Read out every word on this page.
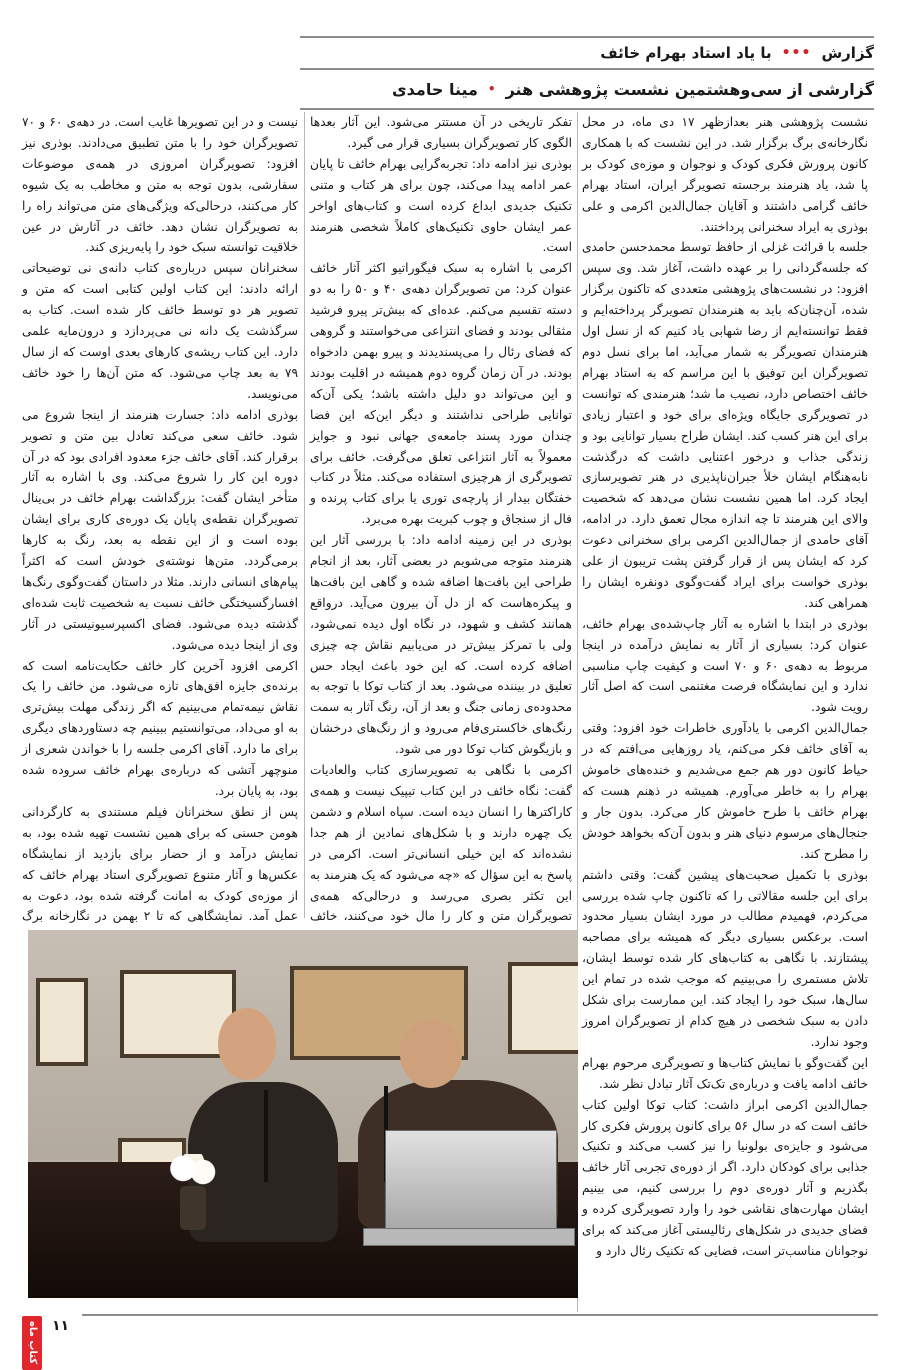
گزارش
•••
با یاد استاد بهرام خائف
گزارشی از سی‌وهشتمین نشست پژوهشی هنر
•
مینا حامدی

نشست پژوهشی هنر بعدازظهر ۱۷ دی ماه، در محل نگارخانه‌ی برگ برگزار شد. در این نشست که با همکاری کانون پرورش فکری کودک و نوجوان و موزه‌ی کودک بر پا شد، یاد هنرمند برجسته تصویرگر ایران، استاد بهرام خائف گرامی داشتند و آقایان جمال‌الدین اکرمی و علی بوذری به ایراد سخنرانی پرداختند.

جلسه با قرائت غزلی از حافظ توسط محمدحسن حامدی که جلسه‌گردانی را بر عهده داشت، آغاز شد. وی سپس افزود: در نشست‌های پژوهشی متعددی که تاکنون برگزار شده، آن‌چنان‌که باید به هنرمندان تصویرگر پرداخته‌ایم و فقط توانسته‌ایم از رضا شهابی یاد کنیم که از نسل اول هنرمندان تصویرگر به شمار می‌آید، اما برای نسل دوم تصویرگران این توفیق با این مراسم که به استاد بهرام خائف اختصاص دارد، نصیب ما شد؛ هنرمندی که توانست در تصویرگری جایگاه ویژه‌ای برای خود و اعتبار زیادی برای این هنر کسب کند. ایشان طراح بسیار توانایی بود و زندگی جذاب و درخور اعتنایی داشت که درگذشت نابه‌هنگام ایشان خلأ جبران‌ناپذیری در هنر تصویرسازی ایجاد کرد. اما همین نشست نشان می‌دهد که شخصیت والای این هنرمند تا چه اندازه مجال تعمق دارد. در ادامه، آقای حامدی از جمال‌الدین اکرمی برای سخنرانی دعوت کرد که ایشان پس از قرار گرفتن پشت تریبون از علی بوذری خواست برای ایراد گفت‌وگوی دونفره ایشان را همراهی کند.

بوذری در ابتدا با اشاره به آثار چاپ‌شده‌ی بهرام خائف، عنوان کرد: بسیاری از آثار به نمایش درآمده در اینجا مربوط به دهه‌ی ۶۰ و ۷۰ است و کیفیت چاپ مناسبی ندارد و این نمایشگاه فرصت مغتنمی است که اصل آثار رویت شود.

جمال‌الدین اکرمی با یادآوری خاطرات خود افزود: وقتی به آقای خائف فکر می‌کنم، یاد روزهایی می‌افتم که در حیاط کانون دور هم جمع می‌شدیم و خنده‌های خاموش بهرام را به خاطر می‌آورم. همیشه در ذهنم هست که بهرام خائف با طرح خاموش کار می‌کرد. بدون جار و جنجال‌های مرسوم دنیای هنر و بدون آن‌که بخواهد خودش را مطرح کند.

بوذری با تکمیل صحبت‌های پیشین گفت: وقتی داشتم برای این جلسه مقالاتی را که تاکنون چاپ شده بررسی می‌کردم، فهمیدم مطالب در مورد ایشان بسیار محدود است. برعکس بسیاری دیگر که همیشه برای مصاحبه پیشتازند. با نگاهی به کتاب‌های کار شده توسط ایشان، تلاش مستمری را می‌بینیم که موجب شده در تمام این سال‌ها، سبک خود را ایجاد کند. این ممارست برای شکل دادن به سبک شخصی در هیچ کدام از تصویرگران امروز وجود ندارد.

این گفت‌وگو با نمایش کتاب‌ها و تصویرگری مرحوم بهرام خائف ادامه یافت و درباره‌ی تک‌تک آثار تبادل نظر شد.

جمال‌الدین اکرمی ابراز داشت: کتاب توکا اولین کتاب خائف است که در سال ۵۶ برای کانون پرورش فکری کار می‌شود و جایزه‌ی بولونیا را نیز کسب می‌کند و تکنیک جذابی برای کودکان دارد. اگر از دوره‌ی تجربی آثار خائف بگذریم و آثار دوره‌ی دوم را بررسی کنیم، می بینیم ایشان مهارت‌های نقاشی خود را وارد تصویرگری کرده و فضای جدیدی در شکل‌های رئالیستی آغاز می‌کند که برای نوجوانان مناسب‌تر است، فضایی که تکنیک رئال دارد و

تفکر تاریخی در آن مستتر می‌شود. این آثار بعدها الگوی کار تصویرگران بسیاری قرار می گیرد.

بوذری نیز ادامه داد: تجربه‌گرایی بهرام خائف تا پایان عمر ادامه پیدا می‌کند، چون برای هر کتاب و متنی تکنیک جدیدی ابداع کرده است و کتاب‌های اواخر عمر ایشان حاوی تکنیک‌های کاملاً شخصی هنرمند است.

اکرمی با اشاره به سبک فیگوراتیو اکثر آثار خائف عنوان کرد: من تصویرگران دهه‌ی ۴۰ و ۵۰ را به دو دسته تقسیم می‌کنم. عده‌ای که بیش‌تر پیرو فرشید مثقالی بودند و فضای انتزاعی می‌خواستند و گروهی که فضای رئال را می‌پسندیدند و پیرو بهمن دادخواه بودند. در آن زمان گروه دوم همیشه در اقلیت بودند و این می‌تواند دو دلیل داشته باشد؛ یکی آن‌که توانایی طراحی نداشتند و دیگر این‌که این فضا چندان مورد پسند جامعه‌ی جهانی نبود و جوایز معمولاً به آثار انتزاعی تعلق می‌گرفت. خائف برای تصویرگری از هرچیزی استفاده می‌کند. مثلاً در کتاب خفتگان بیدار از پارچه‌ی توری یا برای کتاب پرنده و فال از سنجاق و چوب کبریت بهره می‌برد.

بوذری در این زمینه ادامه داد: با بررسی آثار این هنرمند متوجه می‌شویم در بعضی آثار، بعد از انجام طراحی این بافت‌ها اضافه شده و گاهی این بافت‌ها و پیکره‌هاست که از دل آن بیرون می‌آید. درواقع همانند کشف و شهود، در نگاه اول دیده نمی‌شود، ولی با تمرکز بیش‌تر در می‌یابیم نقاش چه چیزی اضافه کرده است. که این خود باعث ایجاد حس تعلیق در بیننده می‌شود. بعد از کتاب توکا با توجه به محدوده‌ی زمانی جنگ و بعد از آن، رنگ آثار به سمت رنگ‌های خاکستری‌فام می‌رود و از رنگ‌های درخشان و بازیگوش کتاب توکا دور می شود.

اکرمی با نگاهی به تصویرسازی کتاب والعادیات گفت: نگاه خائف در این کتاب تیپیک نیست و همه‌ی کاراکترها را انسان دیده است. سپاه اسلام و دشمن یک چهره دارند و با شکل‌های نمادین از هم جدا نشده‌اند که این خیلی انسانی‌تر است. اکرمی در پاسخ به این سؤال که «چه می‌شود که یک هنرمند به این تکثر بصری می‌رسد و درحالی‌که همه‌ی تصویرگران متن و کار را مال خود می‌کنند، خائف

نیست و در این تصویرها غایب است. در دهه‌ی ۶۰ و ۷۰ تصویرگران خود را با متن تطبیق می‌دادند. بوذری نیز افزود: تصویرگران امروزی در همه‌ی موضوعات سفارشی، بدون توجه به متن و مخاطب به یک شیوه کار می‌کنند، درحالی‌که ویژگی‌های متن می‌تواند راه را به تصویرگران نشان دهد. خائف در آثارش در عین خلاقیت توانسته سبک خود را پایه‌ریزی کند.

سخنرانان سپس درباره‌ی کتاب دانه‌ی نی توضیحاتی ارائه دادند: این کتاب اولین کتابی است که متن و تصویر هر دو توسط خائف کار شده است. کتاب به سرگذشت یک دانه نی می‌پردازد و درون‌مایه علمی دارد. این کتاب ریشه‌ی کارهای بعدی اوست که از سال ۷۹ به بعد چاپ می‌شود. که متن آن‌ها را خود خائف می‌نویسد.

بوذری ادامه داد: جسارت هنرمند از اینجا شروع می شود. خائف سعی می‌کند تعادل بین متن و تصویر برقرار کند. آقای خائف جزء معدود افرادی بود که در آن دوره این کار را شروع می‌کند. وی با اشاره به آثار متأخر ایشان گفت: بزرگداشت بهرام خائف در بی‌ینال تصویرگران نقطه‌ی پایان یک دوره‌ی کاری برای ایشان بوده است و از این نقطه به بعد، رنگ به کارها برمی‌گردد. متن‌ها نوشته‌ی خودش است که اکثراً پیام‌های انسانی دارند. مثلا در داستان گفت‌وگوی رنگ‌ها افسارگسیختگی خائف نسبت به شخصیت ثابت شده‌ای گذشته دیده می‌شود. فضای اکسپرسیونیستی در آثار وی از اینجا دیده می‌شود.

اکرمی افزود آخرین کار خائف حکایت‌نامه است که برنده‌ی جایزه افق‌های تازه می‌شود. من خائف را یک نقاش نیمه‌تمام می‌بینیم که اگر زندگی مهلت بیش‌تری به او می‌داد، می‌توانستیم ببینیم چه دستاوردهای دیگری برای ما دارد. آقای اکرمی جلسه را با خواندن شعری از منوچهر آتشی که درباره‌ی بهرام خائف سروده شده بود، به پایان برد.

پس از نطق سخنرانان فیلم مستندی به کارگردانی هومن حسنی که برای همین نشست تهیه شده بود، به نمایش درآمد و از حضار برای بازدید از نمایشگاه عکس‌ها و آثار متنوع تصویرگری استاد بهرام خائف که از موزه‌ی کودک به امانت گرفته شده بود، دعوت به عمل آمد. نمایشگاهی که تا ۲ بهمن در نگارخانه برگ

کتاب ماه ۱۱
